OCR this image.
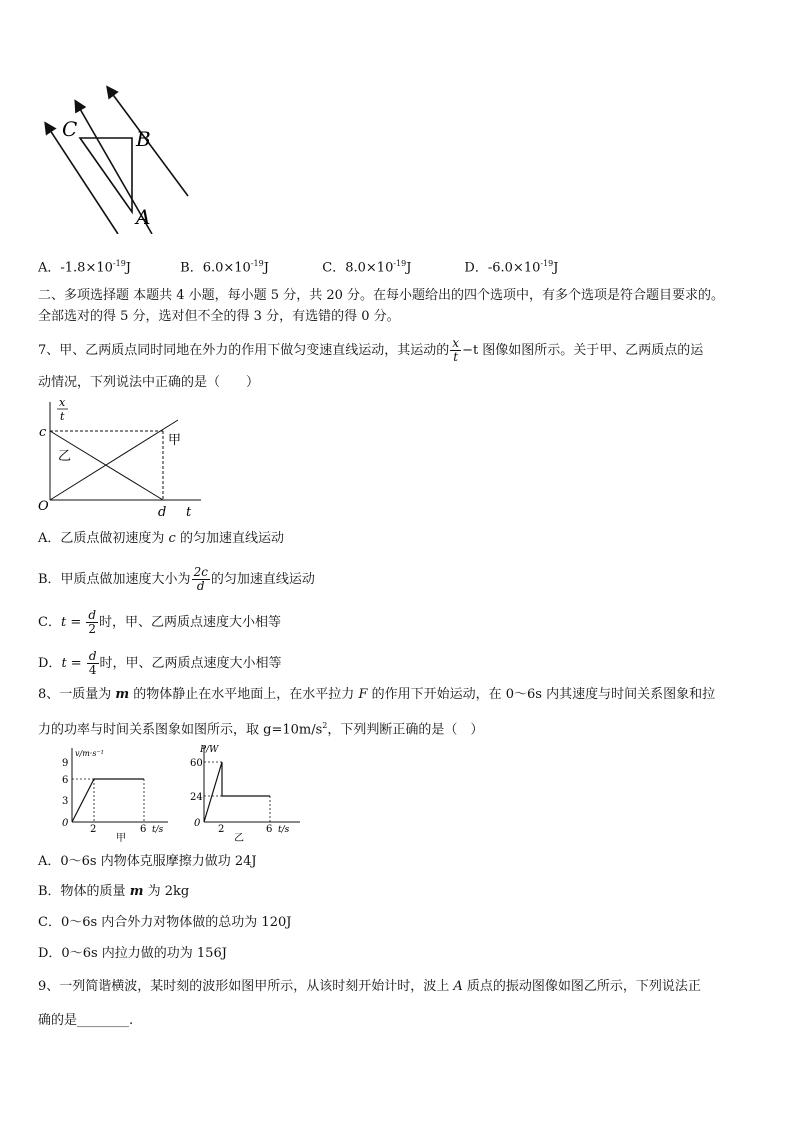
C	B
A
A．$-1.8\times 10^{-19}J$	B．$6.0\times 10^{-19}J$	C．$8.0\times 10^{-19}J$	D．$-6.0\times 10^{-19}J$
二、多项选择题 本题共 4 小题，每小题 5 分，共 20 分。在每小题给出的四个选项中，有多个选项是符合题目要求的。
全部选对的得 5 分，选对但不全的得 3 分，有选错的得 0 分。
7、甲、乙两质点同时同地在外力的作用下做匀变速直线运动，其运动的 $\frac{x}{t} -t$ 图像如图所示。关于甲、乙两质点的运
动情况，下列说法中正确的是（　　）
x
t
c
O	d t
甲
乙
A．乙质点做初速度为 c 的匀加速直线运动
B．甲质点做加速度大小为 $\frac{2c}{d}$ 的匀加速直线运动
C．$t = \frac{d}{2}$ 时，甲、乙两质点速度大小相等
D．$t = \frac{d}{4}$ 时，甲、乙两质点速度大小相等
8、一质量为 m 的物体静止在水平地面上，在水平拉力 F 的作用下开始运动，在 0～6s 内其速度与时间关系图象和拉
力的功率与时间关系图象如图所示，取 $g=10m/s^2$，下列判断正确的是（　）
v/m·s⁻¹
9
6
3
0
2	6 t/s
甲
P/W
60
24
0
2	6 t/s
乙
A．0～6s 内物体克服摩擦力做功 24J
B．物体的质量 m 为 2kg
C．0～6s 内合外力对物体做的总功为 120J
D．0～6s 内拉力做的功为 156J
9、一列简谐横波，某时刻的波形如图甲所示，从该时刻开始计时，波上 A 质点的振动图像如图乙所示，下列说法正
确的是________.
